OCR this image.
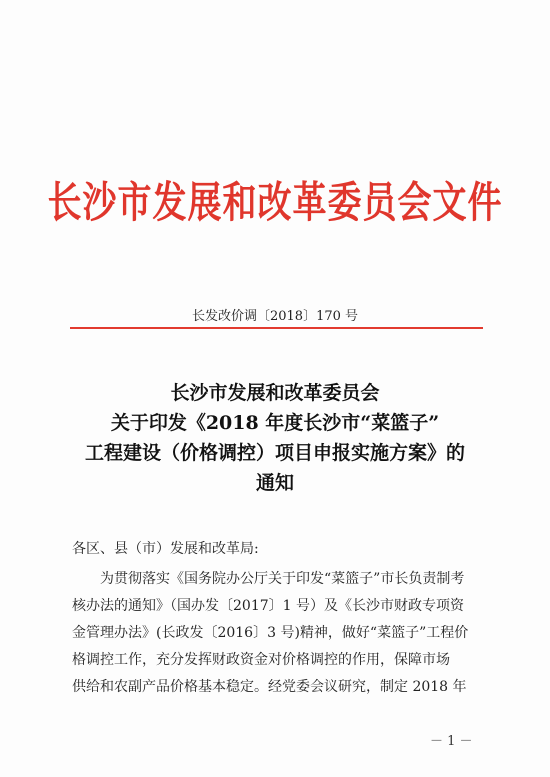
长沙市发展和改革委员会文件
长发改价调〔2018〕170 号
长沙市发展和改革委员会
关于印发《2018 年度长沙市“菜篮子”
工程建设（价格调控）项目申报实施方案》的
通知
各区、县（市）发展和改革局:
为贯彻落实《国务院办公厅关于印发“菜篮子”市长负责制考
核办法的通知》（国办发〔2017〕1 号）及《长沙市财政专项资
金管理办法》(长政发〔2016〕3 号)精神，做好“菜篮子”工程价
格调控工作，充分发挥财政资金对价格调控的作用，保障市场
供给和农副产品价格基本稳定。经党委会议研究，制定 2018 年
－ 1 －
